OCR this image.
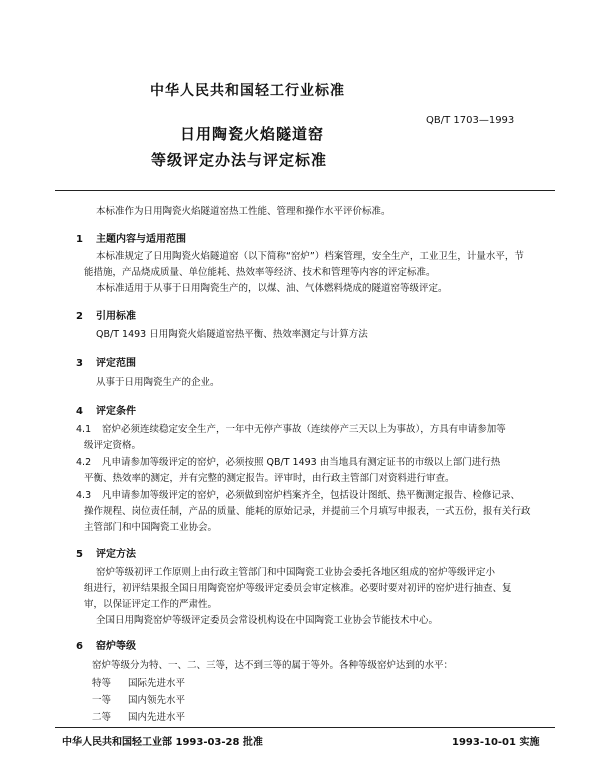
中华人民共和国轻工行业标准
QB/T 1703—1993
日用陶瓷火焰隧道窑
等级评定办法与评定标准
本标准作为日用陶瓷火焰隧道窑热工性能、管理和操作水平评价标准。
1 主题内容与适用范围
本标准规定了日用陶瓷火焰隧道窑（以下简称“窑炉”）档案管理，安全生产，工业卫生，计量水平，节
能措施，产品烧成质量、单位能耗、热效率等经济、技术和管理等内容的评定标准。
本标准适用于从事于日用陶瓷生产的，以煤、油、气体燃料烧成的隧道窑等级评定。
2 引用标准
QB/T 1493 日用陶瓷火焰隧道窑热平衡、热效率测定与计算方法
3 评定范围
从事于日用陶瓷生产的企业。
4 评定条件
4.1 窑炉必须连续稳定安全生产，一年中无停产事故（连续停产三天以上为事故），方具有申请参加等
级评定资格。
4.2 凡申请参加等级评定的窑炉，必须按照 QB/T 1493 由当地具有测定证书的市级以上部门进行热
平衡、热效率的测定，并有完整的测定报告。评审时，由行政主管部门对资料进行审查。
4.3 凡申请参加等级评定的窑炉，必须做到窑炉档案齐全，包括设计图纸、热平衡测定报告、检修记录、
操作规程、岗位责任制，产品的质量、能耗的原始记录，并提前三个月填写申报表，一式五份，报有关行政
主管部门和中国陶瓷工业协会。
5 评定方法
窑炉等级初评工作原则上由行政主管部门和中国陶瓷工业协会委托各地区组成的窑炉等级评定小
组进行，初评结果报全国日用陶瓷窑炉等级评定委员会审定核准。必要时要对初评的窑炉进行抽查、复
审，以保证评定工作的严肃性。
全国日用陶瓷窑炉等级评定委员会常设机构设在中国陶瓷工业协会节能技术中心。
6 窑炉等级
窑炉等级分为特、一、二、三等，达不到三等的属于等外。各种等级窑炉达到的水平：
特等 国际先进水平
一等 国内领先水平
二等 国内先进水平
中华人民共和国轻工业部 1993-03-28 批准	1993-10-01 实施
